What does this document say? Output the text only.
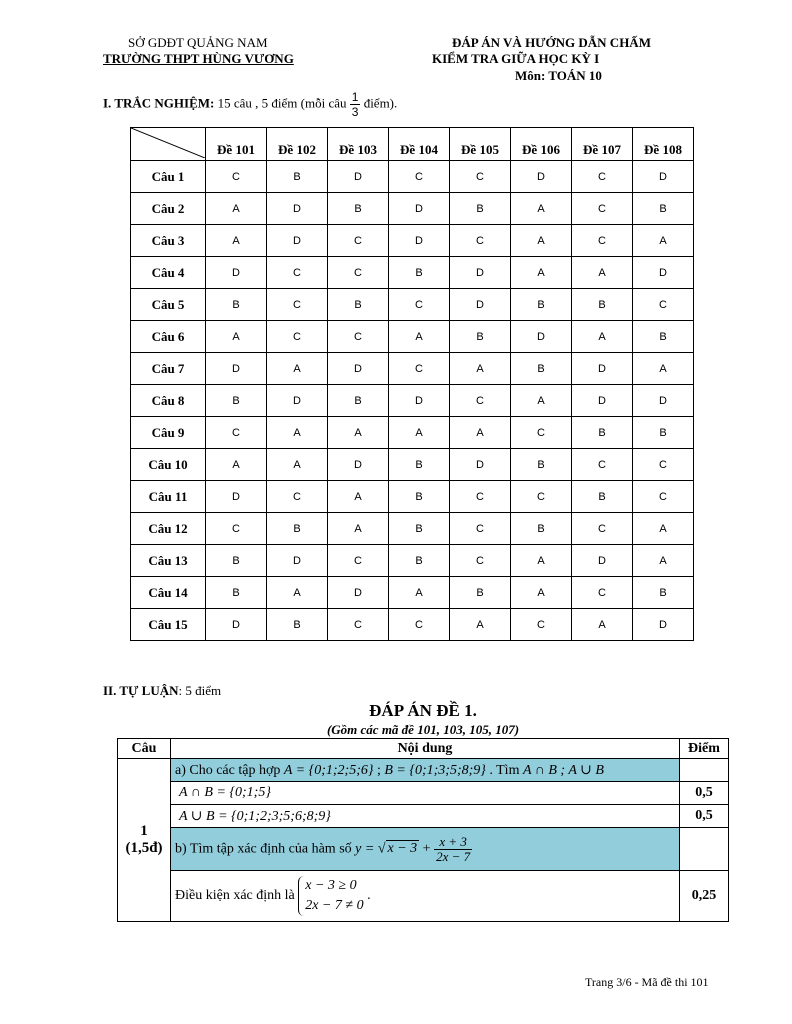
SỞ GDĐT QUẢNG NAM
TRƯỜNG THPT HÙNG VƯƠNG
ĐÁP ÁN VÀ HƯỚNG DẪN CHẤM
KIỂM TRA GIỮA HỌC KỲ I
Môn: TOÁN 10
I. TRẮC NGHIỆM: 15 câu , 5 điểm (mỗi câu $\frac{1}{3}$ điểm).
	Đề 101	Đề 102	Đề 103	Đề 104	Đề 105	Đề 106	Đề 107	Đề 108
Câu 1	C	B	D	C	C	D	C	D
Câu 2	A	D	B	D	B	A	C	B
Câu 3	A	D	C	D	C	A	C	A
Câu 4	D	C	C	B	D	A	A	D
Câu 5	B	C	B	C	D	B	B	C
Câu 6	A	C	C	A	B	D	A	B
Câu 7	D	A	D	C	A	B	D	A
Câu 8	B	D	B	D	C	A	D	D
Câu 9	C	A	A	A	A	C	B	B
Câu 10	A	A	D	B	D	B	C	C
Câu 11	D	C	A	B	C	C	B	C
Câu 12	C	B	A	B	C	B	C	A
Câu 13	B	D	C	B	C	A	D	A
Câu 14	B	A	D	A	B	A	C	B
Câu 15	D	B	C	C	A	C	A	D
II. TỰ LUẬN: 5 điểm
ĐÁP ÁN ĐỀ 1.
(Gồm các mã đề 101, 103, 105, 107)
Câu	Nội dung	Điểm

1
(1,5đ)	a) Cho các tập hợp A = {0;1;2;5;6} ; B = {0;1;3;5;8;9} . Tìm A ∩ B ; A ∪ B	
	A ∩ B = {0;1;5}	0,5
	A ∪ B = {0;1;2;3;5;6;8;9}	0,5
	b) Tìm tập xác định của hàm số y = √ $x - 3 + \frac{x + 3}{2x - 7}$

	Điều kiện xác định là
x − 3 ≥ 0
2x − 7 ≠ 0
.	0,25
Trang 3/6 - Mã đề thi 101
